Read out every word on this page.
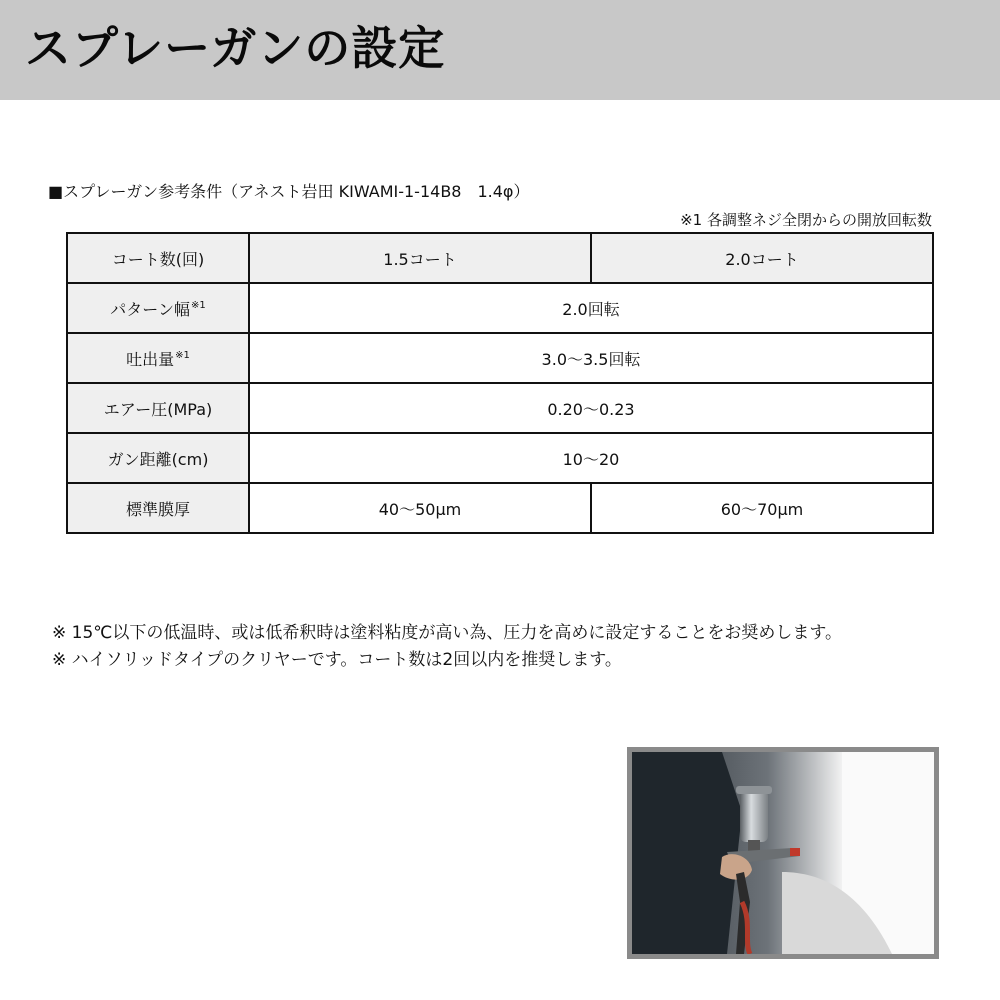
スプレーガンの設定
■スプレーガン参考条件（アネスト岩田 KIWAMI-1-14B8　1.4φ）
※1 各調整ネジ全閉からの開放回転数
コート数(回)	1.5コート	2.0コート
パターン幅$^{※1}$	2.0回転	
吐出量$^{※1}$	3.0～3.5回転	
エアー圧(MPa)	0.20～0.23	
ガン距離(cm)	10～20	
標準膜厚	40～50μm	60～70μm
※ 15℃以下の低温時、或は低希釈時は塗料粘度が高い為、圧力を高めに設定することをお奨めします。
※ ハイソリッドタイプのクリヤーです。コート数は2回以内を推奨します。
